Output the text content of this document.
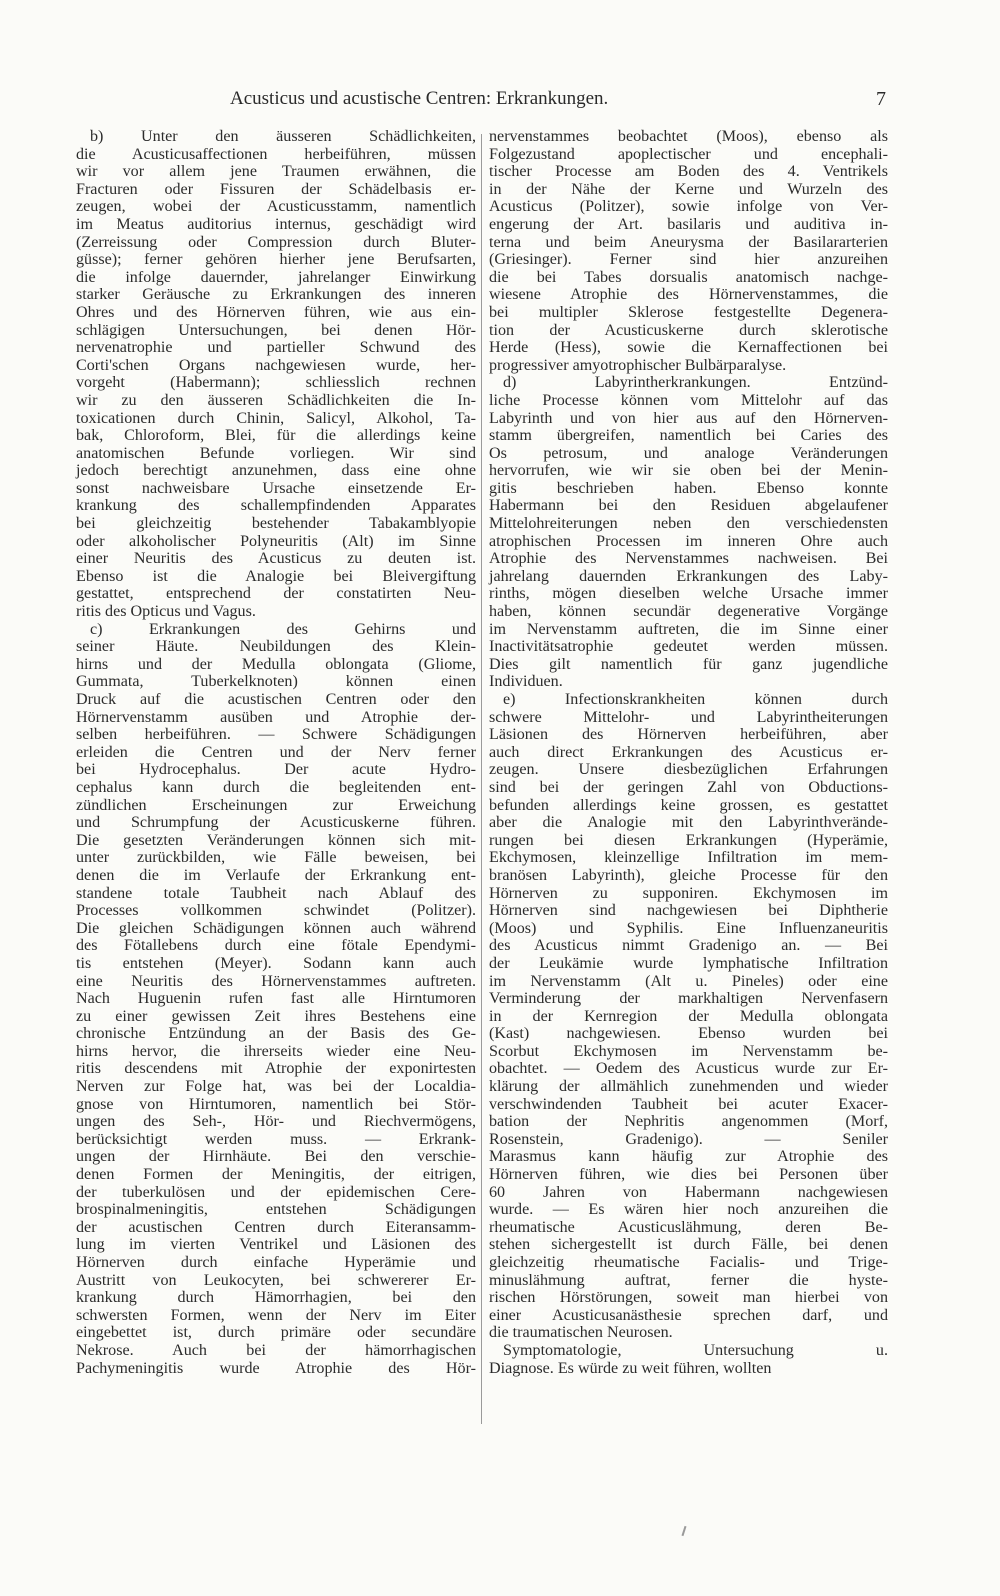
Acusticus und acustische Centren: Erkrankungen.	7
b) Unter den äusseren Schädlichkeiten,
die Acusticusaffectionen herbeiführen, müssen
wir vor allem jene Traumen erwähnen, die
Fracturen oder Fissuren der Schädelbasis er-
zeugen, wobei der Acusticusstamm, namentlich
im Meatus auditorius internus, geschädigt wird
(Zerreissung oder Compression durch Bluter-
güsse); ferner gehören hierher jene Berufsarten,
die infolge dauernder, jahrelanger Einwirkung
starker Geräusche zu Erkrankungen des inneren
Ohres und des Hörnerven führen, wie aus ein-
schlägigen Untersuchungen, bei denen Hör-
nervenatrophie und partieller Schwund des
Corti'schen Organs nachgewiesen wurde, her-
vorgeht (Habermann); schliesslich rechnen
wir zu den äusseren Schädlichkeiten die In-
toxicationen durch Chinin, Salicyl, Alkohol, Ta-
bak, Chloroform, Blei, für die allerdings keine
anatomischen Befunde vorliegen. Wir sind
jedoch berechtigt anzunehmen, dass eine ohne
sonst nachweisbare Ursache einsetzende Er-
krankung des schallempfindenden Apparates
bei gleichzeitig bestehender Tabakamblyopie
oder alkoholischer Polyneuritis (Alt) im Sinne
einer Neuritis des Acusticus zu deuten ist.
Ebenso ist die Analogie bei Bleivergiftung
gestattet, entsprechend der constatirten Neu-
ritis des Opticus und Vagus.
c) Erkrankungen des Gehirns und
seiner Häute. Neubildungen des Klein-
hirns und der Medulla oblongata (Gliome,
Gummata, Tuberkelknoten) können einen
Druck auf die acustischen Centren oder den
Hörnervenstamm ausüben und Atrophie der-
selben herbeiführen. — Schwere Schädigungen
erleiden die Centren und der Nerv ferner
bei Hydrocephalus. Der acute Hydro-
cephalus kann durch die begleitenden ent-
zündlichen Erscheinungen zur Erweichung
und Schrumpfung der Acusticuskerne führen.
Die gesetzten Veränderungen können sich mit-
unter zurückbilden, wie Fälle beweisen, bei
denen die im Verlaufe der Erkrankung ent-
standene totale Taubheit nach Ablauf des
Processes vollkommen schwindet (Politzer).
Die gleichen Schädigungen können auch während
des Fötallebens durch eine fötale Ependymi-
tis entstehen (Meyer). Sodann kann auch
eine Neuritis des Hörnervenstammes auftreten.
Nach Huguenin rufen fast alle Hirntumoren
zu einer gewissen Zeit ihres Bestehens eine
chronische Entzündung an der Basis des Ge-
hirns hervor, die ihrerseits wieder eine Neu-
ritis descendens mit Atrophie der exponirtesten
Nerven zur Folge hat, was bei der Localdia-
gnose von Hirntumoren, namentlich bei Stör-
ungen des Seh-, Hör- und Riechvermögens,
berücksichtigt werden muss. — Erkrank-
ungen der Hirnhäute. Bei den verschie-
denen Formen der Meningitis, der eitrigen,
der tuberkulösen und der epidemischen Cere-
brospinalmeningitis, entstehen Schädigungen
der acustischen Centren durch Eiteransamm-
lung im vierten Ventrikel und Läsionen des
Hörnerven durch einfache Hyperämie und
Austritt von Leukocyten, bei schwererer Er-
krankung durch Hämorrhagien, bei den
schwersten Formen, wenn der Nerv im Eiter
eingebettet ist, durch primäre oder secundäre
Nekrose. Auch bei der hämorrhagischen
Pachymeningitis wurde Atrophie des Hör-
nervenstammes beobachtet (Moos), ebenso als
Folgezustand apoplectischer und encephali-
tischer Processe am Boden des 4. Ventrikels
in der Nähe der Kerne und Wurzeln des
Acusticus (Politzer), sowie infolge von Ver-
engerung der Art. basilaris und auditiva in-
terna und beim Aneurysma der Basilararterien
(Griesinger). Ferner sind hier anzureihen
die bei Tabes dorsualis anatomisch nachge-
wiesene Atrophie des Hörnervenstammes, die
bei multipler Sklerose festgestellte Degenera-
tion der Acusticuskerne durch sklerotische
Herde (Hess), sowie die Kernaffectionen bei
progressiver amyotrophischer Bulbärparalyse.
d) Labyrintherkrankungen. Entzünd-
liche Processe können vom Mittelohr auf das
Labyrinth und von hier aus auf den Hörnerven-
stamm übergreifen, namentlich bei Caries des
Os petrosum, und analoge Veränderungen
hervorrufen, wie wir sie oben bei der Menin-
gitis beschrieben haben. Ebenso konnte
Habermann bei den Residuen abgelaufener
Mittelohreiterungen neben den verschiedensten
atrophischen Processen im inneren Ohre auch
Atrophie des Nervenstammes nachweisen. Bei
jahrelang dauernden Erkrankungen des Laby-
rinths, mögen dieselben welche Ursache immer
haben, können secundär degenerative Vorgänge
im Nervenstamm auftreten, die im Sinne einer
Inactivitätsatrophie gedeutet werden müssen.
Dies gilt namentlich für ganz jugendliche
Individuen.
e) Infectionskrankheiten können durch
schwere Mittelohr- und Labyrintheiterungen
Läsionen des Hörnerven herbeiführen, aber
auch direct Erkrankungen des Acusticus er-
zeugen. Unsere diesbezüglichen Erfahrungen
sind bei der geringen Zahl von Obductions-
befunden allerdings keine grossen, es gestattet
aber die Analogie mit den Labyrinthverände-
rungen bei diesen Erkrankungen (Hyperämie,
Ekchymosen, kleinzellige Infiltration im mem-
branösen Labyrinth), gleiche Processe für den
Hörnerven zu supponiren. Ekchymosen im
Hörnerven sind nachgewiesen bei Diphtherie
(Moos) und Syphilis. Eine Influenzaneuritis
des Acusticus nimmt Gradenigo an. — Bei
der Leukämie wurde lymphatische Infiltration
im Nervenstamm (Alt u. Pineles) oder eine
Verminderung der markhaltigen Nervenfasern
in der Kernregion der Medulla oblongata
(Kast) nachgewiesen. Ebenso wurden bei
Scorbut Ekchymosen im Nervenstamm be-
obachtet. — Oedem des Acusticus wurde zur Er-
klärung der allmählich zunehmenden und wieder
verschwindenden Taubheit bei acuter Exacer-
bation der Nephritis angenommen (Morf,
Rosenstein, Gradenigo). — Seniler
Marasmus kann häufig zur Atrophie des
Hörnerven führen, wie dies bei Personen über
60 Jahren von Habermann nachgewiesen
wurde. — Es wären hier noch anzureihen die
rheumatische Acusticuslähmung, deren Be-
stehen sichergestellt ist durch Fälle, bei denen
gleichzeitig rheumatische Facialis- und Trige-
minuslähmung auftrat, ferner die hyste-
rischen Hörstörungen, soweit man hierbei von
einer Acusticusanästhesie sprechen darf, und
die traumatischen Neurosen.
Symptomatologie, Untersuchung u.
Diagnose. Es würde zu weit führen, wollten
